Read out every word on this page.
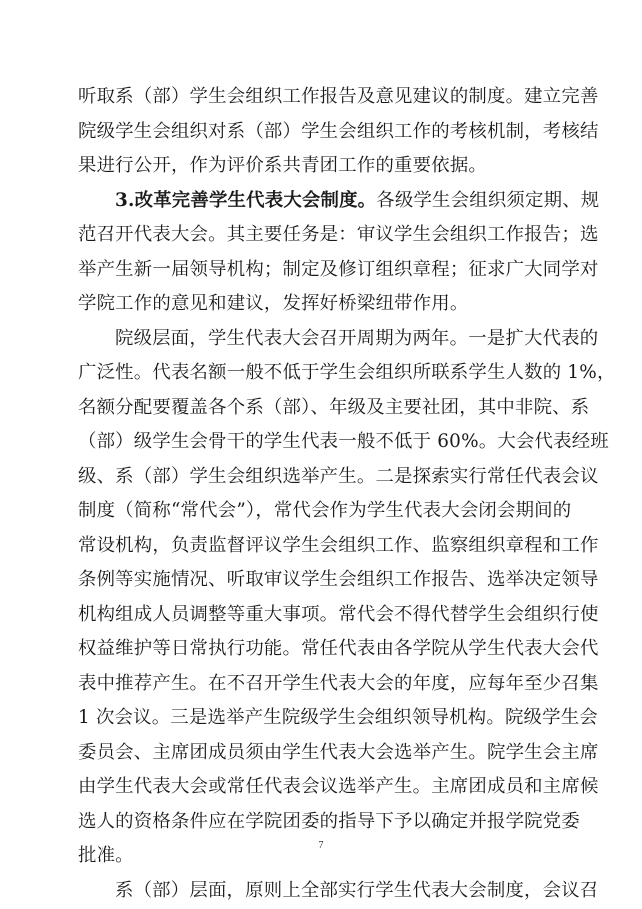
听取系（部）学生会组织工作报告及意见建议的制度。建立完善
院级学生会组织对系（部）学生会组织工作的考核机制，考核结
果进行公开，作为评价系共青团工作的重要依据。
3.改革完善学生代表大会制度。各级学生会组织须定期、规
范召开代表大会。其主要任务是：审议学生会组织工作报告；选
举产生新一届领导机构；制定及修订组织章程；征求广大同学对
学院工作的意见和建议，发挥好桥梁纽带作用。
院级层面，学生代表大会召开周期为两年。一是扩大代表的
广泛性。代表名额一般不低于学生会组织所联系学生人数的 1%，
名额分配要覆盖各个系（部）、年级及主要社团，其中非院、系
（部）级学生会骨干的学生代表一般不低于 60%。大会代表经班
级、系（部）学生会组织选举产生。二是探索实行常任代表会议
制度（简称“常代会”），常代会作为学生代表大会闭会期间的
常设机构，负责监督评议学生会组织工作、监察组织章程和工作
条例等实施情况、听取审议学生会组织工作报告、选举决定领导
机构组成人员调整等重大事项。常代会不得代替学生会组织行使
权益维护等日常执行功能。常任代表由各学院从学生代表大会代
表中推荐产生。在不召开学生代表大会的年度，应每年至少召集
1 次会议。三是选举产生院级学生会组织领导机构。院级学生会
委员会、主席团成员须由学生代表大会选举产生。院学生会主席
由学生代表大会或常任代表会议选举产生。主席团成员和主席候
选人的资格条件应在学院团委的指导下予以确定并报学院党委
批准。
系（部）层面，原则上全部实行学生代表大会制度，会议召
7
